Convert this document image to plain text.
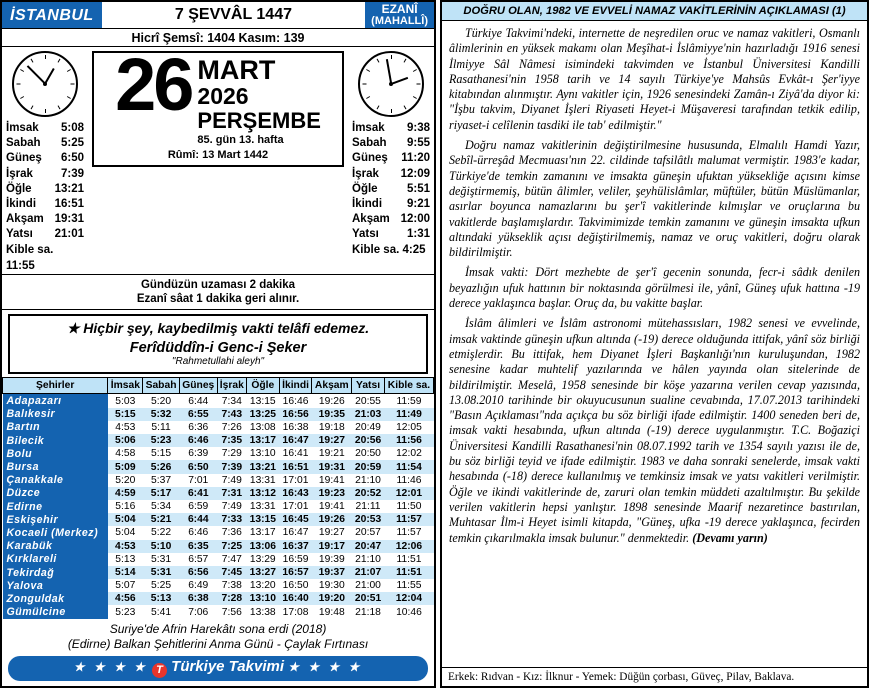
İSTANBUL	7 ŞEVVÂL 1447	EZANÎ
(MAHALLÎ)
Hicrî Şemsî: 1404 Kasım: 139
İmsak 5:08
Sabah 5:25
Güneş 6:50
İşrak 7:39
Öğle 13:21
İkindi 16:51
Akşam 19:31
Yatsı 21:01
Kible sa. 11:55
26 MART
2026
PERŞEMBE
85. gün 13. hafta
Rûmî: 13 Mart 1442
İmsak 9:38
Sabah 9:55
Güneş 11:20
İşrak 12:09
Öğle	5:51
İkindi 9:21
Akşam 12:00
Yatsı 1:31
Kible sa. 4:25
Gündüzün uzaması 2 dakika
Ezanî sâat 1 dakika geri alınır.
★ Hiçbir şey, kaybedilmiş vakti telâfi edemez.
Ferîdüddîn-i Genc-i Şeker
"Rahmetullahi aleyh"
Şehirler	İmsak	Sabah	Güneş	İşrak	Öğle	İkindi	Akşam	Yatsı	Kible sa.

Adapazarı	5:03	5:20	6:44	7:34	13:15	16:46	19:26	20:55	11:59

Balıkesir	5:15	5:32	6:55	7:43	13:25	16:56	19:35	21:03	11:49

Bartın	4:53	5:11	6:36	7:26	13:08	16:38	19:18	20:49	12:05

Bilecik	5:06	5:23	6:46	7:35	13:17	16:47	19:27	20:56	11:56

Bolu	4:58	5:15	6:39	7:29	13:10	16:41	19:21	20:50	12:02

Bursa	5:09	5:26	6:50	7:39	13:21	16:51	19:31	20:59	11:54

Çanakkale	5:20	5:37	7:01	7:49	13:31	17:01	19:41	21:10	11:46

Düzce	4:59	5:17	6:41	7:31	13:12	16:43	19:23	20:52	12:01

Edirne	5:16	5:34	6:59	7:49	13:31	17:01	19:41	21:11	11:50

Eskişehir	5:04	5:21	6:44	7:33	13:15	16:45	19:26	20:53	11:57

Kocaeli (Merkez)	5:04	5:22	6:46	7:36	13:17	16:47	19:27	20:57	11:57

Karabük	4:53	5:10	6:35	7:25	13:06	16:37	19:17	20:47	12:06

Kırklareli	5:13	5:31	6:57	7:47	13:29	16:59	19:39	21:10	11:51

Tekirdağ	5:14	5:31	6:56	7:45	13:27	16:57	19:37	21:07	11:51

Yalova	5:07	5:25	6:49	7:38	13:20	16:50	19:30	21:00	11:55

Zonguldak	4:56	5:13	6:38	7:28	13:10	16:40	19:20	20:51	12:04

Gümülcine	5:23	5:41	7:06	7:56	13:38	17:08	19:48	21:18	10:46
Suriye'de Afrin Harekâtı sona erdi (2018)
(Edirne) Balkan Şehitlerini Anma Günü - Çaylak Fırtınası
★ ★ ★ ★ T Türkiye Takvimi ★ ★ ★ ★
DOĞRU OLAN, 1982 VE EVVELİ NAMAZ VAKİTLERİNİN AÇIKLAMASI (1)

Türkiye Takvimi'ndeki, internette de neşredilen oruc ve namaz vakitleri, Osmanlı âlimlerinin en yüksek makamı olan Meşîhat-i İslâmiyye'nin hazırladığı 1916 senesi İlmiyye Sâl Nâmesi isimindeki takvimden ve İstanbul Üniversitesi Kandilli Rasathanesi'nin 1958 tarih ve 14 sayılı Türkiye'ye Mahsûs Evkât-ı Şer'iyye kitabından alınmıştır. Aynı vakitler için, 1926 senesindeki Zamân-ı Ziyâ'da diyor ki: "İşbu takvim, Diyanet İşleri Riyaseti Heyet-i Müşaveresi tarafından tetkik edilip, riyaset-i celîlenin tasdiki ile tab' edilmiştir."

Doğru namaz vakitlerinin değiştirilmesine hususunda, Elmalılı Hamdi Yazır, Sebîl-ürreşâd Mecmuası'nın 22. cildinde tafsilâtlı malumat vermiştir. 1983'e kadar, Türkiye'de temkin zamanını ve imsakta güneşin ufuktan yüksekliğe açısını kimse değiştirmemiş, bütün âlimler, veliler, şeyhülislâmlar, müftüler, bütün Müslümanlar, asırlar boyunca namazlarını bu şer'î vakitlerinde kılmışlar ve oruçlarına bu vakitlerde başlamışlardır. Takvimimizde temkin zamanını ve güneşin imsakta ufkun altındaki yükseklik açısı değiştirilmemiş, namaz ve oruç vakitleri, doğru olarak bildirilmiştir.

İmsak vakti: Dört mezhebte de şer'î gecenin sonunda, fecr-i sâdık denilen beyazlığın ufuk hattının bir noktasında görülmesi ile, yânî, Güneş ufuk hattına -19 derece yaklaşınca başlar. Oruç da, bu vakitte başlar.

İslâm âlimleri ve İslâm astronomi mütehassısları, 1982 senesi ve evvelinde, imsak vaktinde güneşin ufkun altında (-19) derece olduğunda ittifak, yânî söz birliği etmişlerdir. Bu ittifak, hem Diyanet İşleri Başkanlığı'nın kuruluşundan, 1982 senesine kadar muhtelif yazılarında ve hâlen yayında olan sitelerinde de bildirilmiştir. Meselâ, 1958 senesinde bir köşe yazarına verilen cevap yazısında, 13.08.2010 tarihinde bir okuyucusunun sualine cevabında, 17.07.2013 tarihindeki "Basın Açıklaması"nda açıkça bu söz birliği ifade edilmiştir. 1400 seneden beri de, imsak vakti hesabında, ufkun altında (-19) derece uygulanmıştır. T.C. Boğaziçi Üniversitesi Kandilli Rasathanesi'nin 08.07.1992 tarih ve 1354 sayılı yazısı ile de, bu söz birliği teyid ve ifade edilmiştir. 1983 ve daha sonraki senelerde, imsak vakti hesabında (-18) derece kullanılmış ve temkinsiz imsak ve yatsı vakitleri verilmiştir. Öğle ve ikindi vakitlerinde de, zaruri olan temkin müddeti azaltılmıştır. Bu şekilde verilen vakitlerin hepsi yanlıştır. 1898 senesinde Maarif nezaretince bastırılan, Muhtasar İlm-i Heyet isimli kitapda, "Güneş, ufka -19 derece yaklaşınca, fecirden temkin çıkarılmakla imsak bulunur." denmektedir. (Devamı yarın)

Erkek: Rıdvan - Kız: İlknur - Yemek: Düğün çorbası, Güveç, Pilav, Baklava.
